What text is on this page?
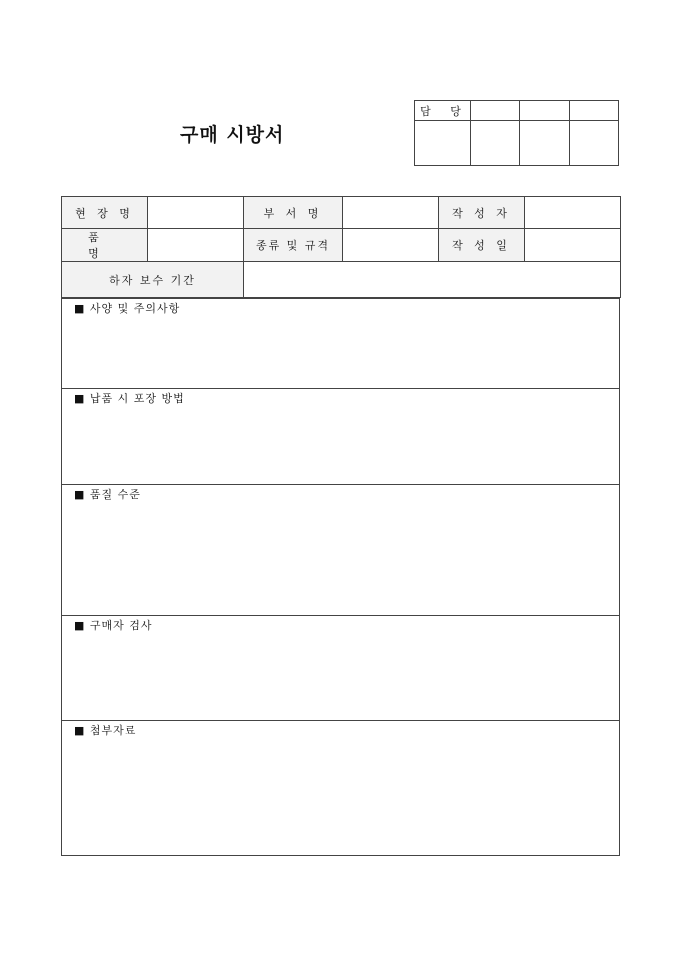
구매 시방서
담 당			

현 장 명		부 서 명		작 성 자	
품 명		종류 및 규격		작 성 일	
하자 보수 기간					
■ 사양 및 주의사항
■ 납품 시 포장 방법
■ 품질 수준
■ 구매자 검사
■ 첨부자료
